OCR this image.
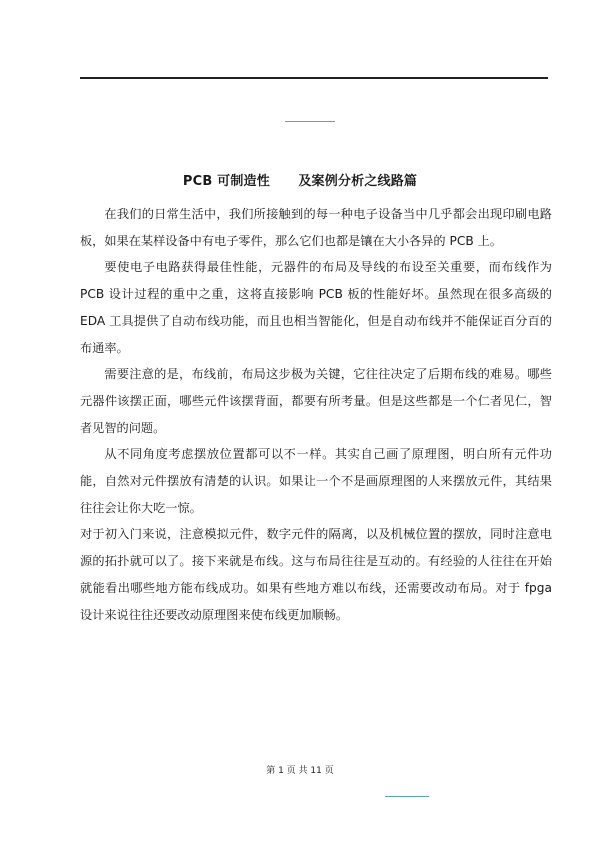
PCB 可制造性      及案例分析之线路篇

在我们的日常生活中，我们所接触到的每一种电子设备当中几乎都会出现印刷电路板，如果在某样设备中有电子零件，那么它们也都是镶在大小各异的 PCB 上。

要使电子电路获得最佳性能，元器件的布局及导线的布设至关重要，而布线作为 PCB 设计过程的重中之重，这将直接影响 PCB 板的性能好坏。虽然现在很多高级的 EDA 工具提供了自动布线功能，而且也相当智能化，但是自动布线并不能保证百分百的布通率。

需要注意的是，布线前，布局这步极为关键，它往往决定了后期布线的难易。哪些元器件该摆正面，哪些元件该摆背面，都要有所考量。但是这些都是一个仁者见仁，智者见智的问题。

从不同角度考虑摆放位置都可以不一样。其实自己画了原理图，明白所有元件功能，自然对元件摆放有清楚的认识。如果让一个不是画原理图的人来摆放元件，其结果往往会让你大吃一惊。

对于初入门来说，注意模拟元件，数字元件的隔离，以及机械位置的摆放，同时注意电源的拓扑就可以了。接下来就是布线。这与布局往往是互动的。有经验的人往往在开始就能看出哪些地方能布线成功。如果有些地方难以布线，还需要改动布局。对于 fpga 设计来说往往还要改动原理图来使布线更加顺畅。

第 1 页 共 11 页
